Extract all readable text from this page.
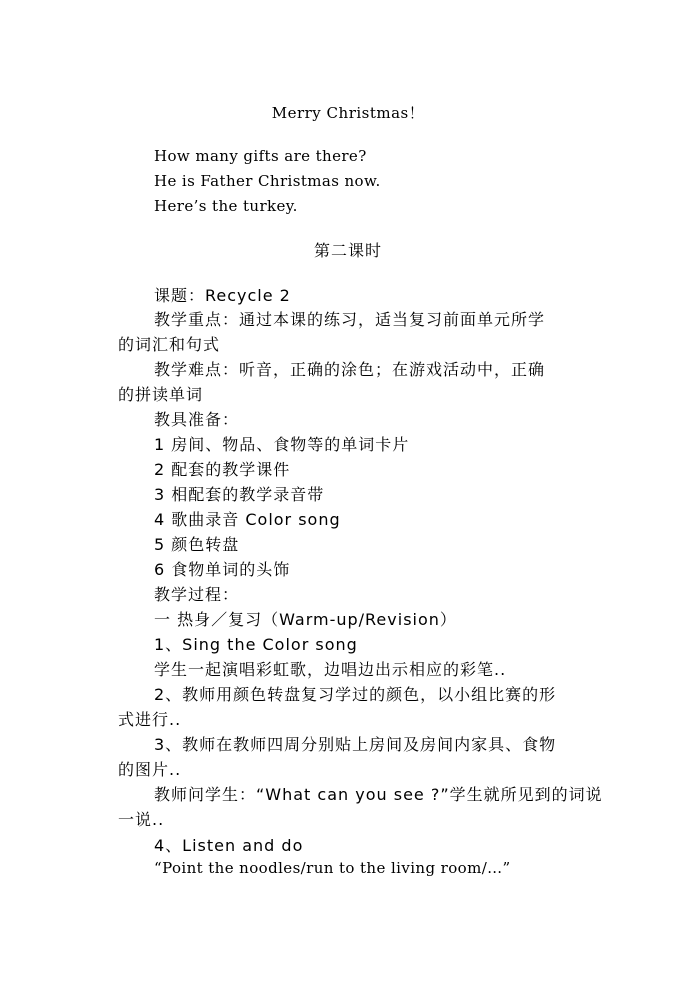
Merry Christmas！
How many gifts are there?
He is Father Christmas now.
Here’s the turkey.
第二课时
课题：Recycle 2
教学重点：通过本课的练习，适当复习前面单元所学
的词汇和句式
教学难点：听音，正确的涂色；在游戏活动中，正确
的拼读单词
教具准备：
1 房间、物品、食物等的单词卡片
2 配套的教学课件
3 相配套的教学录音带
4 歌曲录音 Color song
5 颜色转盘
6 食物单词的头饰
教学过程：
一 热身／复习（Warm-up/Revision）
1、Sing the Color song
学生一起演唱彩虹歌，边唱边出示相应的彩笔..
2、教师用颜色转盘复习学过的颜色，以小组比赛的形
式进行..
3、教师在教师四周分别贴上房间及房间内家具、食物
的图片..
教师问学生：“What can you see ?”学生就所见到的词说
一说..
4、Listen and do
“Point the noodles/run to the living room/…”
